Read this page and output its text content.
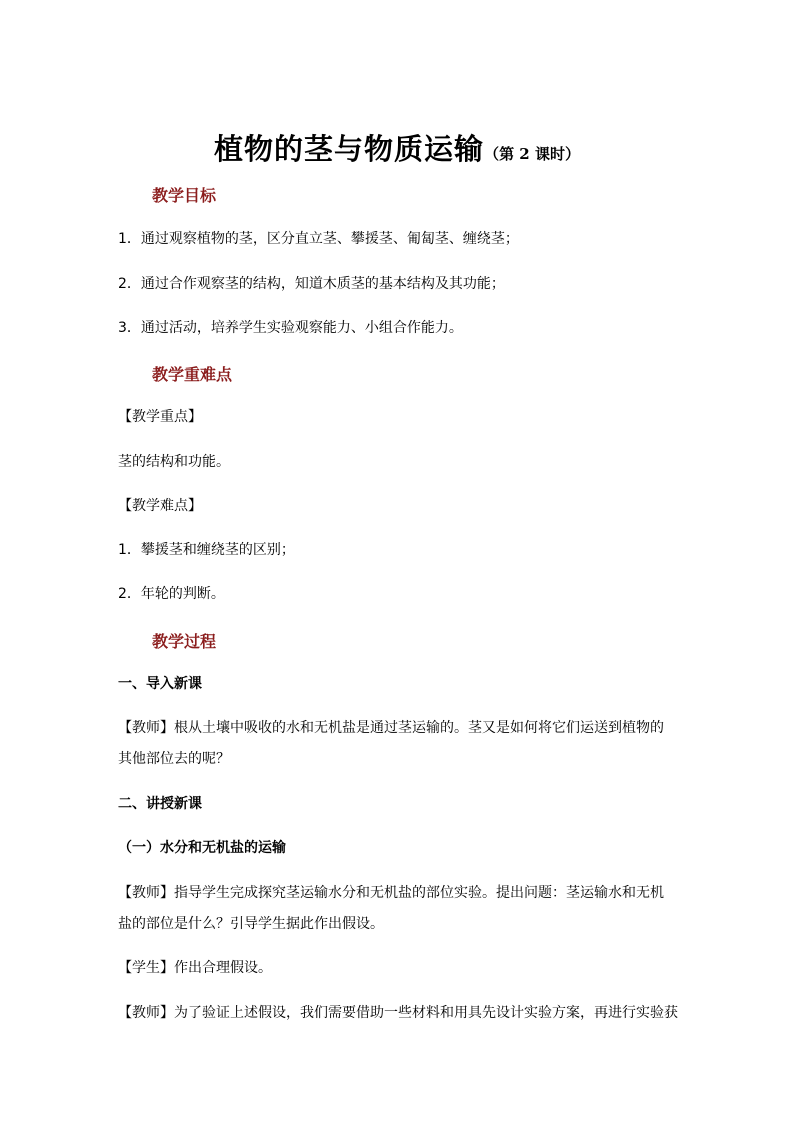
植物的茎与物质运输（第 2 课时）
教学目标
1．通过观察植物的茎，区分直立茎、攀援茎、匍匐茎、缠绕茎；
2．通过合作观察茎的结构，知道木质茎的基本结构及其功能；
3．通过活动，培养学生实验观察能力、小组合作能力。
教学重难点
【教学重点】
茎的结构和功能。
【教学难点】
1．攀援茎和缠绕茎的区别；
2．年轮的判断。
教学过程
一、导入新课
【教师】根从土壤中吸收的水和无机盐是通过茎运输的。茎又是如何将它们运送到植物的
其他部位去的呢？
二、讲授新课
（一）水分和无机盐的运输
【教师】指导学生完成探究茎运输水分和无机盐的部位实验。提出问题：茎运输水和无机
盐的部位是什么？引导学生据此作出假设。
【学生】作出合理假设。
【教师】为了验证上述假设，我们需要借助一些材料和用具先设计实验方案，再进行实验获
